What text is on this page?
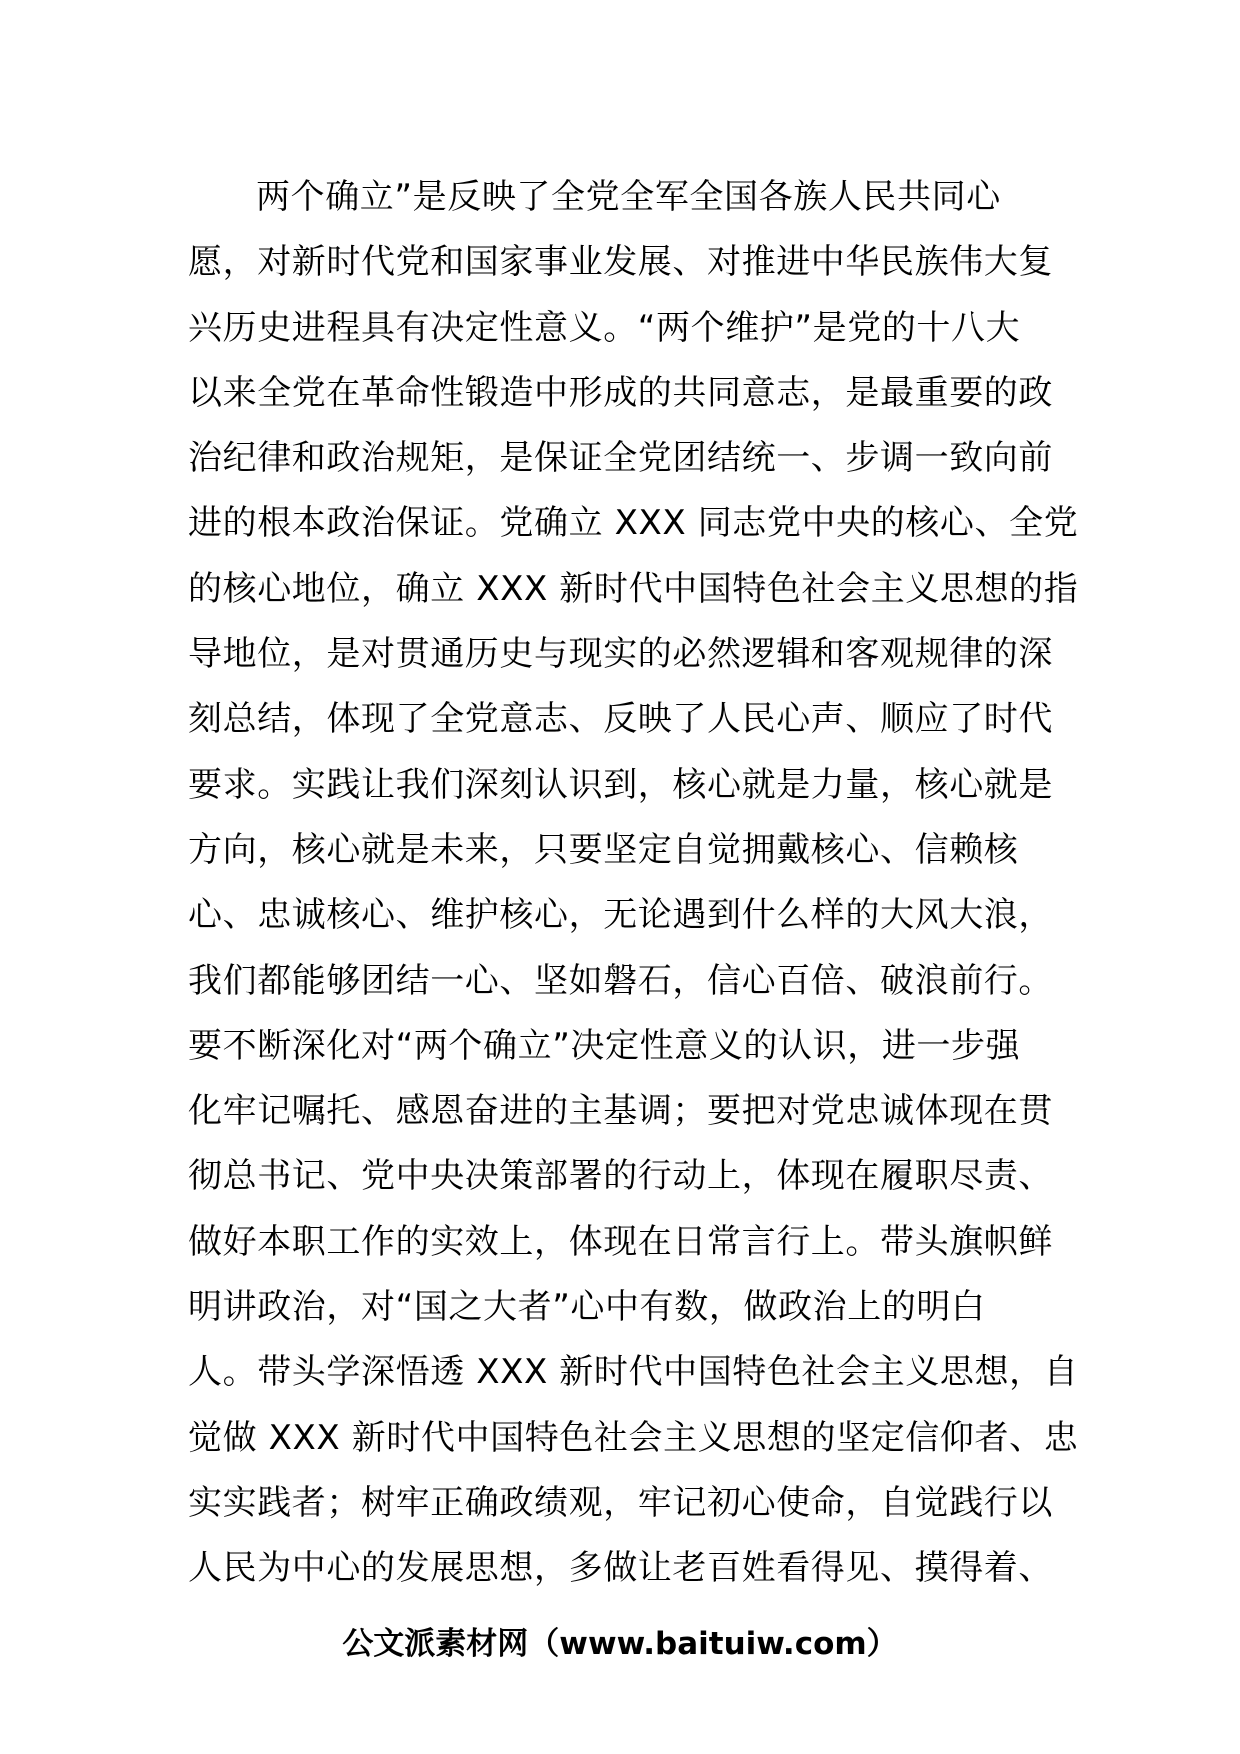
两个确立”是反映了全党全军全国各族人民共同心
愿，对新时代党和国家事业发展、对推进中华民族伟大复
兴历史进程具有决定性意义。“两个维护”是党的十八大
以来全党在革命性锻造中形成的共同意志，是最重要的政
治纪律和政治规矩，是保证全党团结统一、步调一致向前
进的根本政治保证。党确立 XXX 同志党中央的核心、全党
的核心地位，确立 XXX 新时代中国特色社会主义思想的指
导地位，是对贯通历史与现实的必然逻辑和客观规律的深
刻总结，体现了全党意志、反映了人民心声、顺应了时代
要求。实践让我们深刻认识到，核心就是力量，核心就是
方向，核心就是未来，只要坚定自觉拥戴核心、信赖核
心、忠诚核心、维护核心，无论遇到什么样的大风大浪，
我们都能够团结一心、坚如磐石，信心百倍、破浪前行。
要不断深化对“两个确立”决定性意义的认识，进一步强
化牢记嘱托、感恩奋进的主基调；要把对党忠诚体现在贯
彻总书记、党中央决策部署的行动上，体现在履职尽责、
做好本职工作的实效上，体现在日常言行上。带头旗帜鲜
明讲政治，对“国之大者”心中有数，做政治上的明白
人。带头学深悟透 XXX 新时代中国特色社会主义思想，自
觉做 XXX 新时代中国特色社会主义思想的坚定信仰者、忠
实实践者；树牢正确政绩观，牢记初心使命，自觉践行以
人民为中心的发展思想，多做让老百姓看得见、摸得着、
公文派素材网（www.baituiw.com）
